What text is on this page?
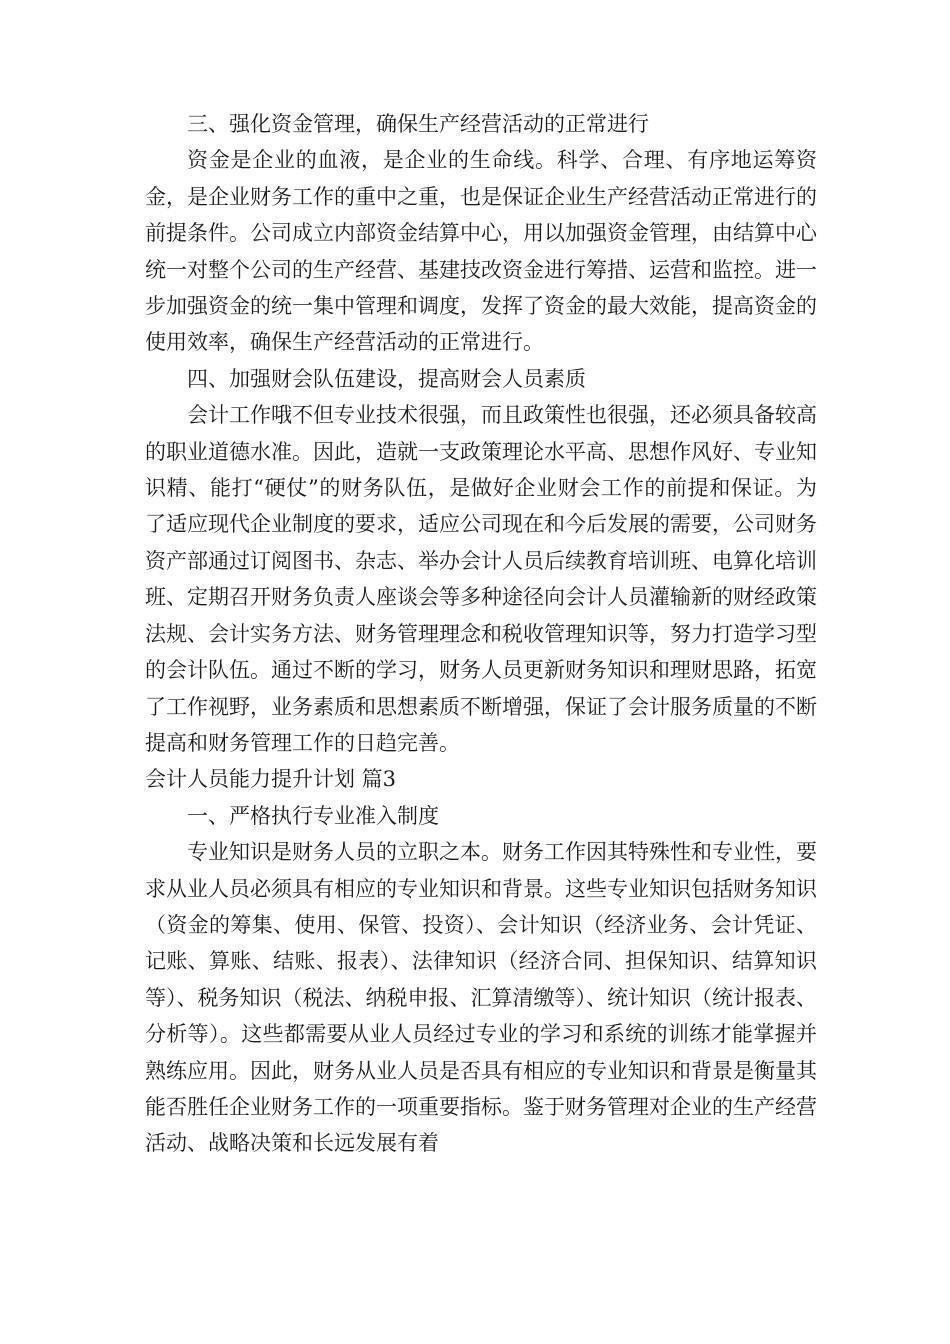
三、强化资金管理，确保生产经营活动的正常进行

资金是企业的血液，是企业的生命线。科学、合理、有序地运筹资金，是企业财务工作的重中之重，也是保证企业生产经营活动正常进行的前提条件。公司成立内部资金结算中心，用以加强资金管理，由结算中心统一对整个公司的生产经营、基建技改资金进行筹措、运营和监控。进一步加强资金的统一集中管理和调度，发挥了资金的最大效能，提高资金的使用效率，确保生产经营活动的正常进行。

四、加强财会队伍建设，提高财会人员素质

会计工作哦不但专业技术很强，而且政策性也很强，还必须具备较高的职业道德水准。因此，造就一支政策理论水平高、思想作风好、专业知识精、能打“硬仗”的财务队伍，是做好企业财会工作的前提和保证。为了适应现代企业制度的要求，适应公司现在和今后发展的需要，公司财务资产部通过订阅图书、杂志、举办会计人员后续教育培训班、电算化培训班、定期召开财务负责人座谈会等多种途径向会计人员灌输新的财经政策法规、会计实务方法、财务管理理念和税收管理知识等，努力打造学习型的会计队伍。通过不断的学习，财务人员更新财务知识和理财思路，拓宽了工作视野，业务素质和思想素质不断增强，保证了会计服务质量的不断提高和财务管理工作的日趋完善。

会计人员能力提升计划 篇3

一、严格执行专业准入制度

专业知识是财务人员的立职之本。财务工作因其特殊性和专业性，要求从业人员必须具有相应的专业知识和背景。这些专业知识包括财务知识（资金的筹集、使用、保管、投资）、会计知识（经济业务、会计凭证、记账、算账、结账、报表）、法律知识（经济合同、担保知识、结算知识等）、税务知识（税法、纳税申报、汇算清缴等）、统计知识（统计报表、分析等）。这些都需要从业人员经过专业的学习和系统的训练才能掌握并熟练应用。因此，财务从业人员是否具有相应的专业知识和背景是衡量其能否胜任企业财务工作的一项重要指标。鉴于财务管理对企业的生产经营活动、战略决策和长远发展有着
